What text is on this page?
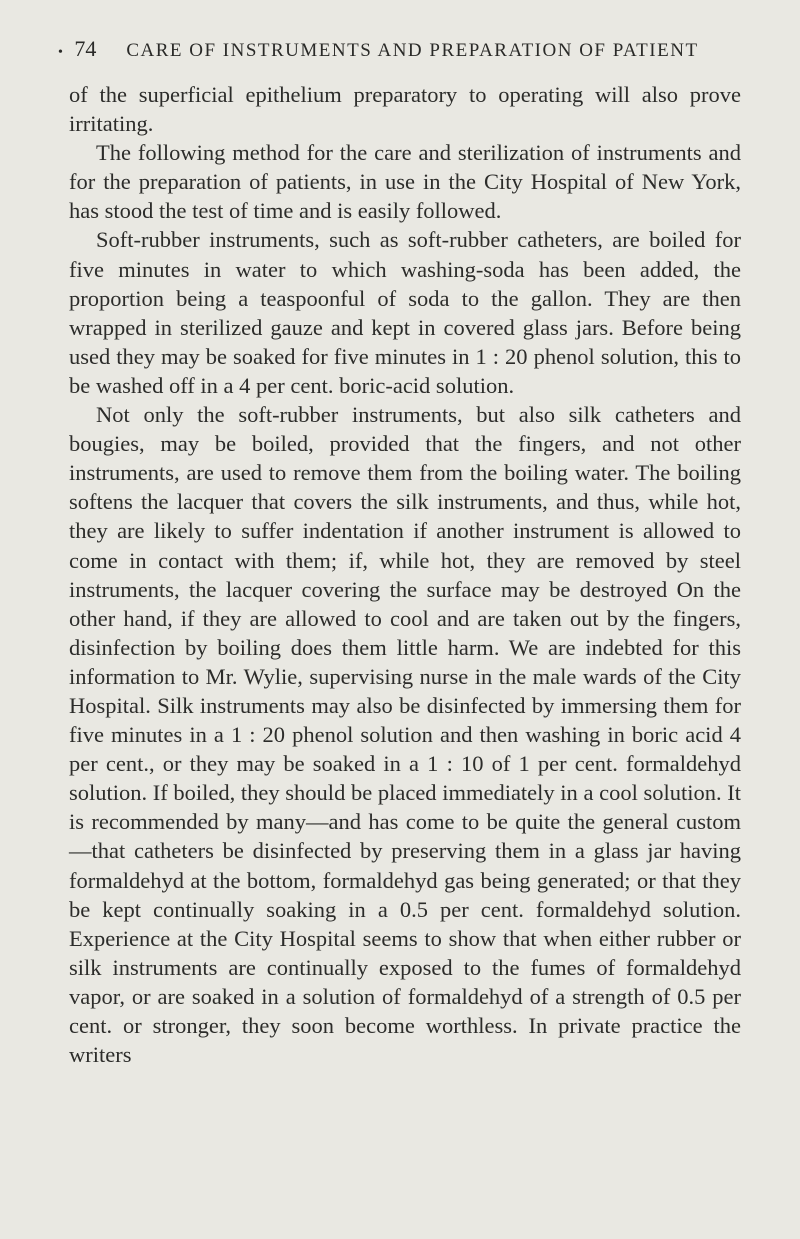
• 74 CARE OF INSTRUMENTS AND PREPARATION OF PATIENT

of the superficial epithelium preparatory to operating will also prove irritating.

The following method for the care and sterilization of instruments and for the preparation of patients, in use in the City Hospital of New York, has stood the test of time and is easily followed.

Soft-rubber instruments, such as soft-rubber catheters, are boiled for five minutes in water to which washing-soda has been added, the proportion being a teaspoonful of soda to the gallon. They are then wrapped in sterilized gauze and kept in covered glass jars. Before being used they may be soaked for five minutes in 1 : 20 phenol solution, this to be washed off in a 4 per cent. boric-acid solution.

Not only the soft-rubber instruments, but also silk catheters and bougies, may be boiled, provided that the fingers, and not other instruments, are used to remove them from the boiling water. The boiling softens the lacquer that covers the silk instruments, and thus, while hot, they are likely to suffer indentation if another instrument is allowed to come in contact with them; if, while hot, they are removed by steel instruments, the lacquer covering the surface may be destroyed On the other hand, if they are allowed to cool and are taken out by the fingers, disinfection by boiling does them little harm. We are indebted for this information to Mr. Wylie, supervising nurse in the male wards of the City Hospital. Silk instruments may also be disinfected by immersing them for five minutes in a 1 : 20 phenol solution and then washing in boric acid 4 per cent., or they may be soaked in a 1 : 10 of 1 per cent. formaldehyd solution. If boiled, they should be placed immediately in a cool solution. It is recommended by many—and has come to be quite the general custom—that catheters be disinfected by preserving them in a glass jar having formaldehyd at the bottom, formaldehyd gas being generated; or that they be kept continually soaking in a 0.5 per cent. formaldehyd solution. Experience at the City Hospital seems to show that when either rubber or silk instruments are continually exposed to the fumes of formaldehyd vapor, or are soaked in a solution of formaldehyd of a strength of 0.5 per cent. or stronger, they soon become worthless. In private practice the writers
